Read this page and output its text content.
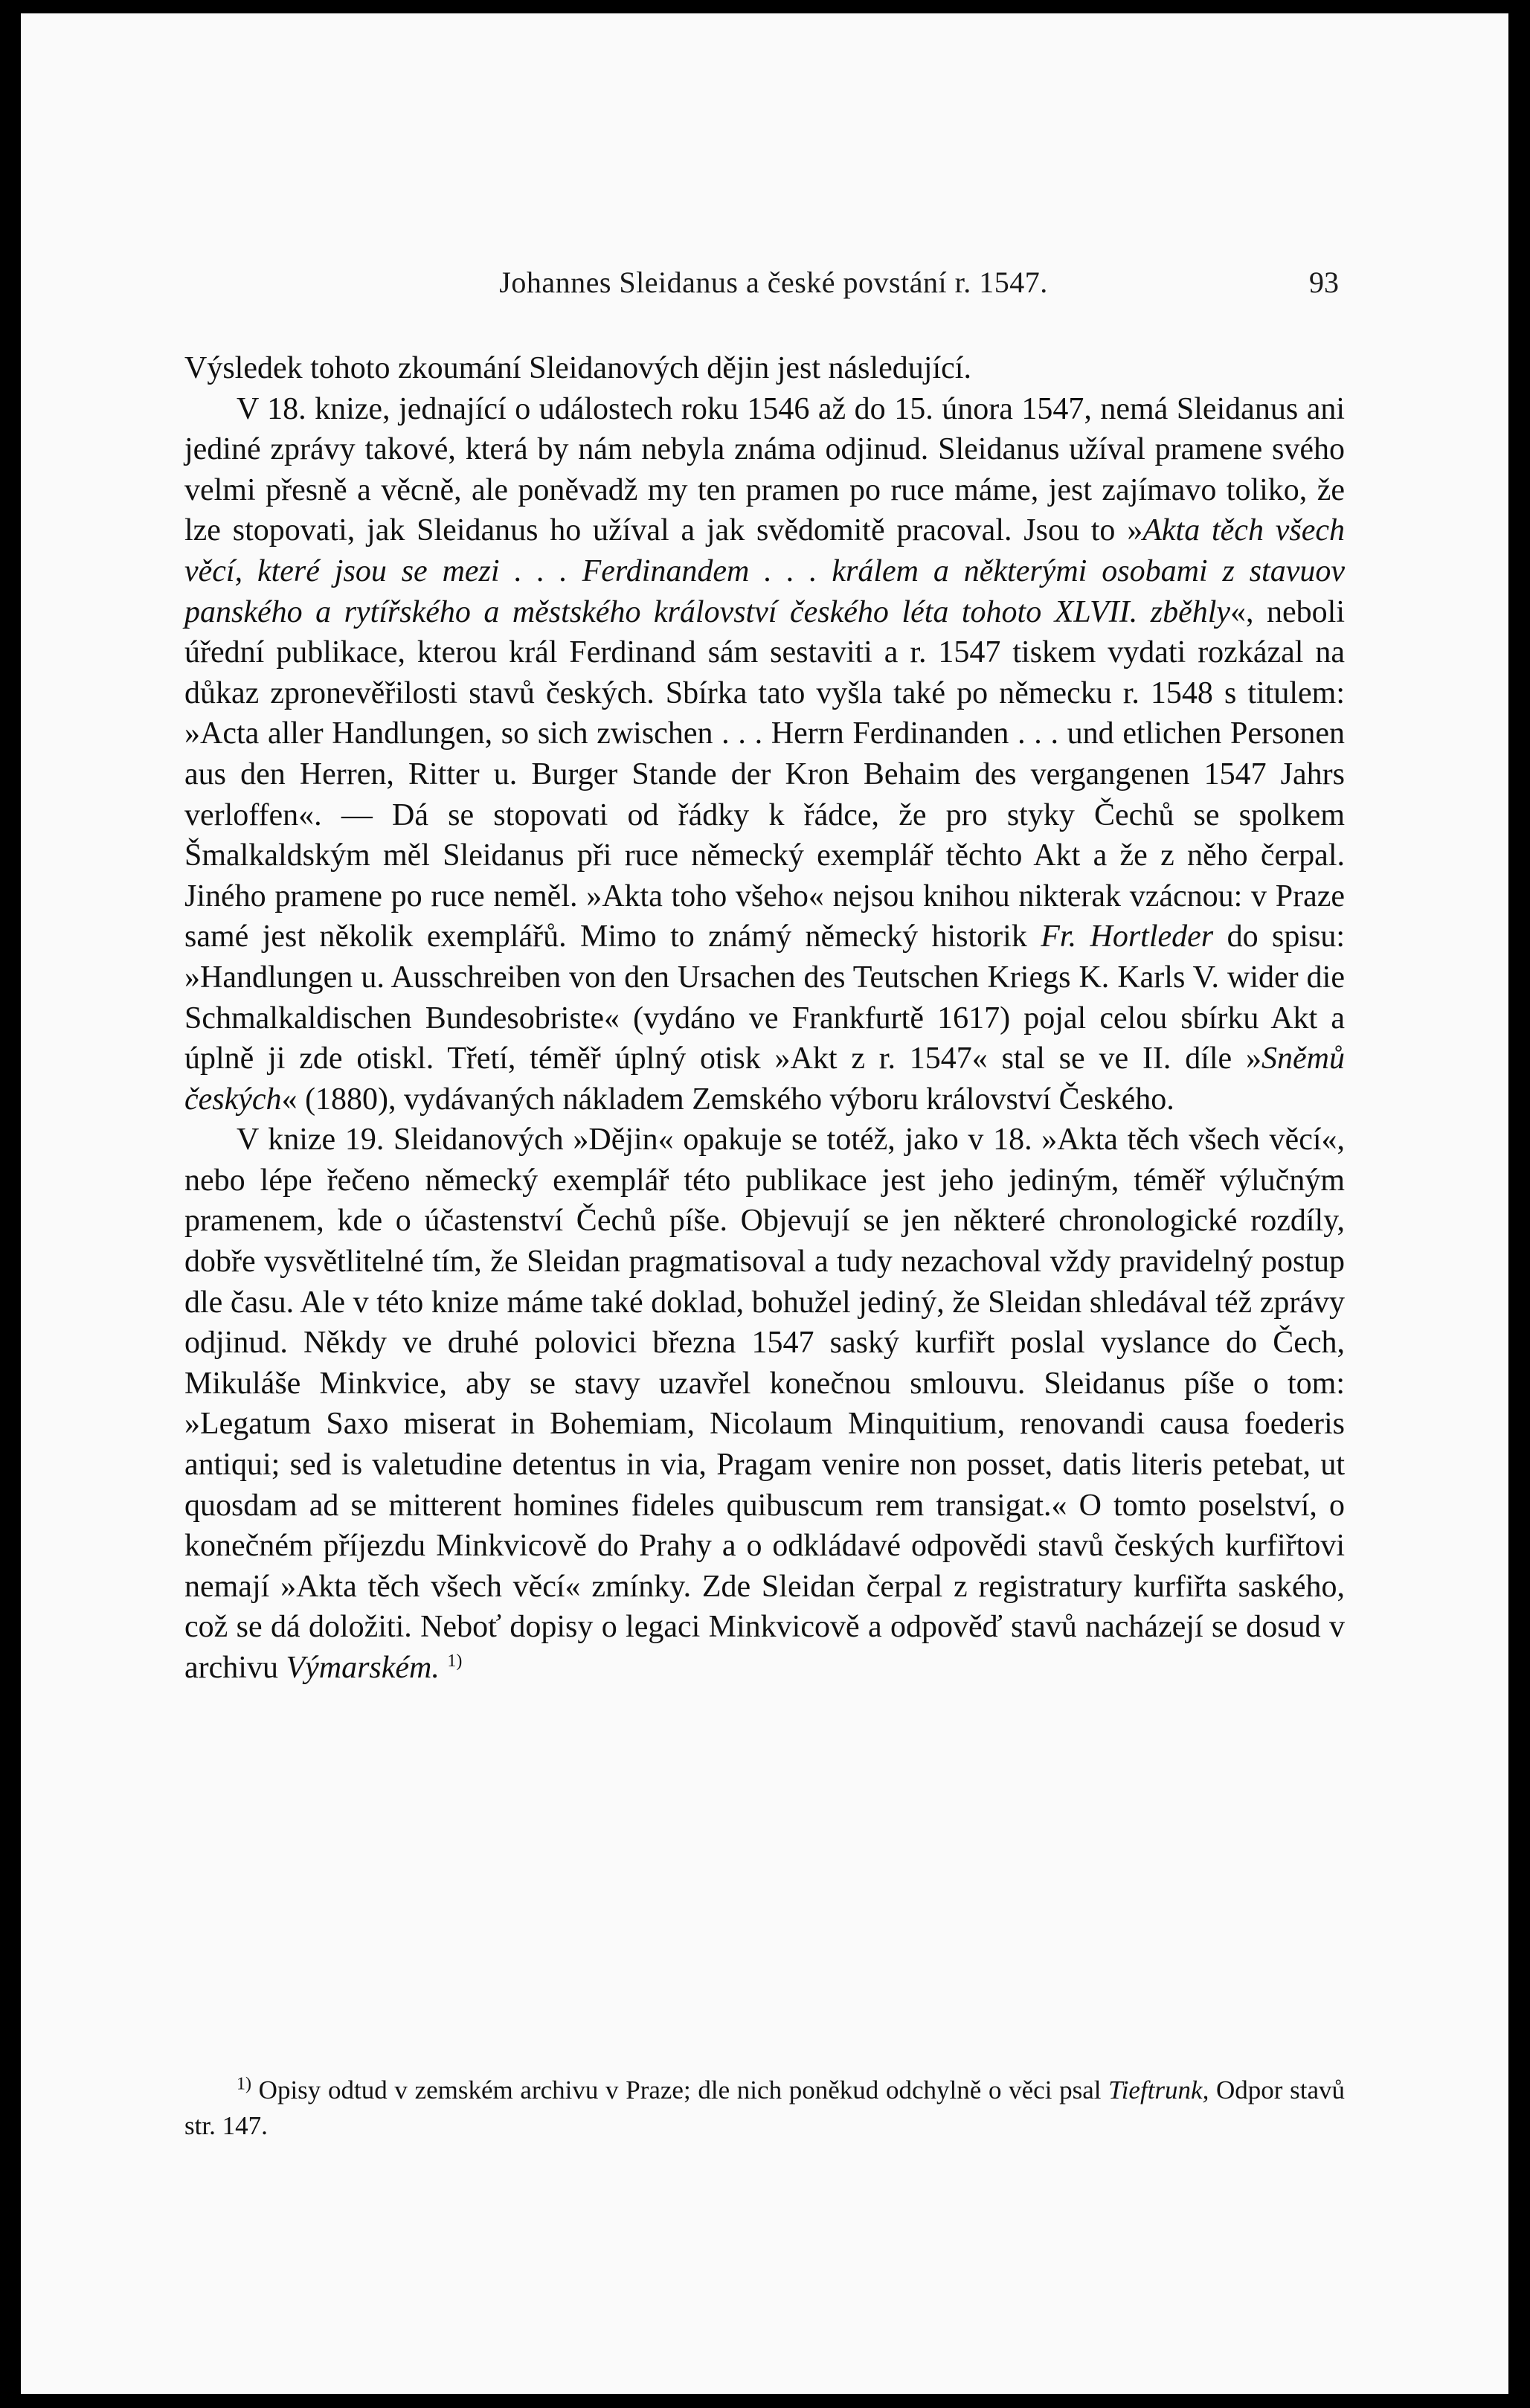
Johannes Sleidanus a české povstání r. 1547.	93

Výsledek tohoto zkoumání Sleidanových dějin jest následující.

V 18. knize, jednající o událostech roku 1546 až do 15. února 1547, nemá Sleidanus ani jediné zprávy takové, která by nám nebyla známa odjinud. Sleidanus užíval pramene svého velmi přesně a věcně, ale poněvadž my ten pramen po ruce máme, jest zajímavo toliko, že lze stopovati, jak Sleidanus ho užíval a jak svědomitě pracoval. Jsou to »Akta těch všech věcí, které jsou se mezi . . . Ferdinandem . . . králem a některými osobami z stavuov panského a rytířského a městského království českého léta tohoto XLVII. zběhly«, neboli úřední publikace, kterou král Ferdinand sám sestaviti a r. 1547 tiskem vydati rozkázal na důkaz zpronevěřilosti stavů českých. Sbírka tato vyšla také po německu r. 1548 s titulem: »Acta aller Handlungen, so sich zwischen . . . Herrn Ferdinanden . . . und etlichen Personen aus den Herren, Ritter u. Burger Stande der Kron Behaim des vergangenen 1547 Jahrs verloffen«. — Dá se stopovati od řádky k řádce, že pro styky Čechů se spolkem Šmalkaldským měl Sleidanus při ruce německý exemplář těchto Akt a že z něho čerpal. Jiného pramene po ruce neměl. »Akta toho všeho« nejsou knihou nikterak vzácnou: v Praze samé jest několik exemplářů. Mimo to známý německý historik Fr. Hortleder do spisu: »Handlungen u. Ausschreiben von den Ursachen des Teutschen Kriegs K. Karls V. wider die Schmalkaldischen Bundesobriste« (vydáno ve Frankfurtě 1617) pojal celou sbírku Akt a úplně ji zde otiskl. Třetí, téměř úplný otisk »Akt z r. 1547« stal se ve II. díle »Sněmů českých« (1880), vydávaných nákladem Zemského výboru království Českého.

V knize 19. Sleidanových »Dějin« opakuje se totéž, jako v 18. »Akta těch všech věcí«, nebo lépe řečeno německý exemplář této publikace jest jeho jediným, téměř výlučným pramenem, kde o účastenství Čechů píše. Objevují se jen některé chronologické rozdíly, dobře vysvětlitelné tím, že Sleidan pragmatisoval a tudy nezachoval vždy pravidelný postup dle času. Ale v této knize máme také doklad, bohužel jediný, že Sleidan shledával též zprávy odjinud. Někdy ve druhé polovici března 1547 saský kurfiřt poslal vyslance do Čech, Mikuláše Minkvice, aby se stavy uzavřel konečnou smlouvu. Sleidanus píše o tom: »Legatum Saxo miserat in Bohemiam, Nicolaum Minquitium, renovandi causa foederis antiqui; sed is valetudine detentus in via, Pragam venire non posset, datis literis petebat, ut quosdam ad se mitterent homines fideles quibuscum rem transigat.« O tomto poselství, o konečném příjezdu Minkvicově do Prahy a o odkládavé odpovědi stavů českých kurfiřtovi nemají »Akta těch všech věcí« zmínky. Zde Sleidan čerpal z registratury kurfiřta saského, což se dá doložiti. Neboť dopisy o legaci Minkvicově a odpověď stavů nacházejí se dosud v archivu Výmarském. $^{1)}$

$^{1)}$ Opisy odtud v zemském archivu v Praze; dle nich poněkud odchylně o věci psal Tieftrunk, Odpor stavů str. 147.
